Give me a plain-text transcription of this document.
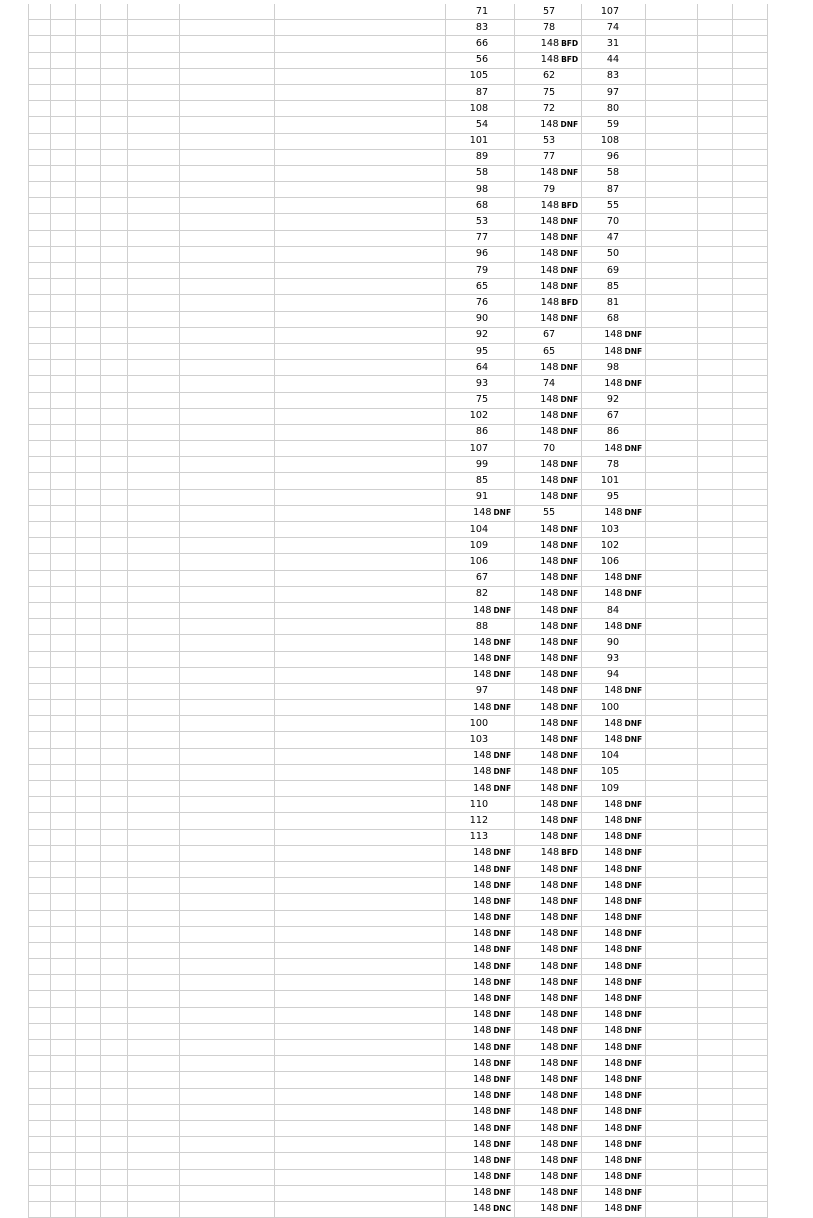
							71	57	107			
							83	78	74			
							66	148 BFD	31			
							56	148 BFD	44			
							105	62	83			
							87	75	97			
							108	72	80			
							54	148 DNF	59			
							101	53	108			
							89	77	96			
							58	148 DNF	58			
							98	79	87			
							68	148 BFD	55			
							53	148 DNF	70			
							77	148 DNF	47			
							96	148 DNF	50			
							79	148 DNF	69			
							65	148 DNF	85			
							76	148 BFD	81			
							90	148 DNF	68			
							92	67	148 DNF			
							95	65	148 DNF			
							64	148 DNF	98			
							93	74	148 DNF			
							75	148 DNF	92			
							102	148 DNF	67			
							86	148 DNF	86			
							107	70	148 DNF			
							99	148 DNF	78			
							85	148 DNF	101			
							91	148 DNF	95			
							148 DNF	55	148 DNF			
							104	148 DNF	103			
							109	148 DNF	102			
							106	148 DNF	106			
							67	148 DNF	148 DNF			
							82	148 DNF	148 DNF			
							148 DNF	148 DNF	84			
							88	148 DNF	148 DNF			
							148 DNF	148 DNF	90			
							148 DNF	148 DNF	93			
							148 DNF	148 DNF	94			
							97	148 DNF	148 DNF			
							148 DNF	148 DNF	100			
							100	148 DNF	148 DNF			
							103	148 DNF	148 DNF			
							148 DNF	148 DNF	104			
							148 DNF	148 DNF	105			
							148 DNF	148 DNF	109			
							110	148 DNF	148 DNF			
							112	148 DNF	148 DNF			
							113	148 DNF	148 DNF			
							148 DNF	148 BFD	148 DNF			
							148 DNF	148 DNF	148 DNF			
							148 DNF	148 DNF	148 DNF			
							148 DNF	148 DNF	148 DNF			
							148 DNF	148 DNF	148 DNF			
							148 DNF	148 DNF	148 DNF			
							148 DNF	148 DNF	148 DNF			
							148 DNF	148 DNF	148 DNF			
							148 DNF	148 DNF	148 DNF			
							148 DNF	148 DNF	148 DNF			
							148 DNF	148 DNF	148 DNF			
							148 DNF	148 DNF	148 DNF			
							148 DNF	148 DNF	148 DNF			
							148 DNF	148 DNF	148 DNF			
							148 DNF	148 DNF	148 DNF			
							148 DNF	148 DNF	148 DNF			
							148 DNF	148 DNF	148 DNF			
							148 DNF	148 DNF	148 DNF			
							148 DNF	148 DNF	148 DNF			
							148 DNF	148 DNF	148 DNF			
							148 DNF	148 DNF	148 DNF			
							148 DNF	148 DNF	148 DNF			
							148 DNC	148 DNF	148 DNF			
